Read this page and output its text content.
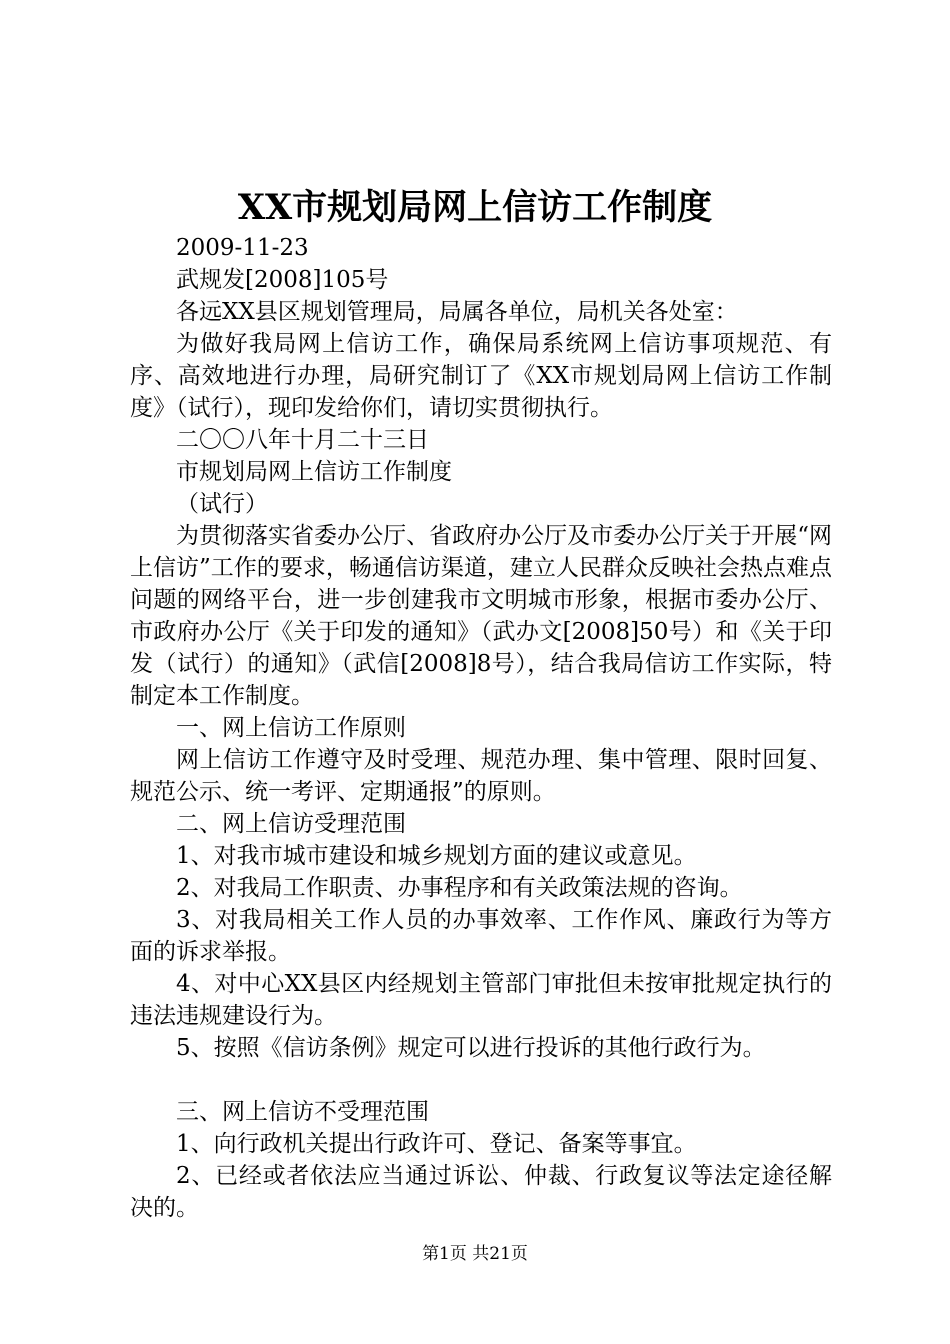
XX市规划局网上信访工作制度

2009-11-23

武规发[2008]105号

各远XX县区规划管理局，局属各单位，局机关各处室：

为做好我局网上信访工作，确保局系统网上信访事项规范、有序、高效地进行办理，局研究制订了《XX市规划局网上信访工作制度》（试行），现印发给你们，请切实贯彻执行。

二〇〇八年十月二十三日

市规划局网上信访工作制度

（试行）

为贯彻落实省委办公厅、省政府办公厅及市委办公厅关于开展“网上信访”工作的要求，畅通信访渠道，建立人民群众反映社会热点难点问题的网络平台，进一步创建我市文明城市形象，根据市委办公厅、市政府办公厅《关于印发的通知》（武办文[2008]50号）和《关于印发（试行）的通知》（武信[2008]8号），结合我局信访工作实际，特制定本工作制度。

一、网上信访工作原则

网上信访工作遵守及时受理、规范办理、集中管理、限时回复、规范公示、统一考评、定期通报”的原则。

二、网上信访受理范围

1、对我市城市建设和城乡规划方面的建议或意见。

2、对我局工作职责、办事程序和有关政策法规的咨询。

3、对我局相关工作人员的办事效率、工作作风、廉政行为等方面的诉求举报。

4、对中心XX县区内经规划主管部门审批但未按审批规定执行的违法违规建设行为。

5、按照《信访条例》规定可以进行投诉的其他行政行为。

三、网上信访不受理范围

1、向行政机关提出行政许可、登记、备案等事宜。

2、已经或者依法应当通过诉讼、仲裁、行政复议等法定途径解决的。

第1页 共21页
